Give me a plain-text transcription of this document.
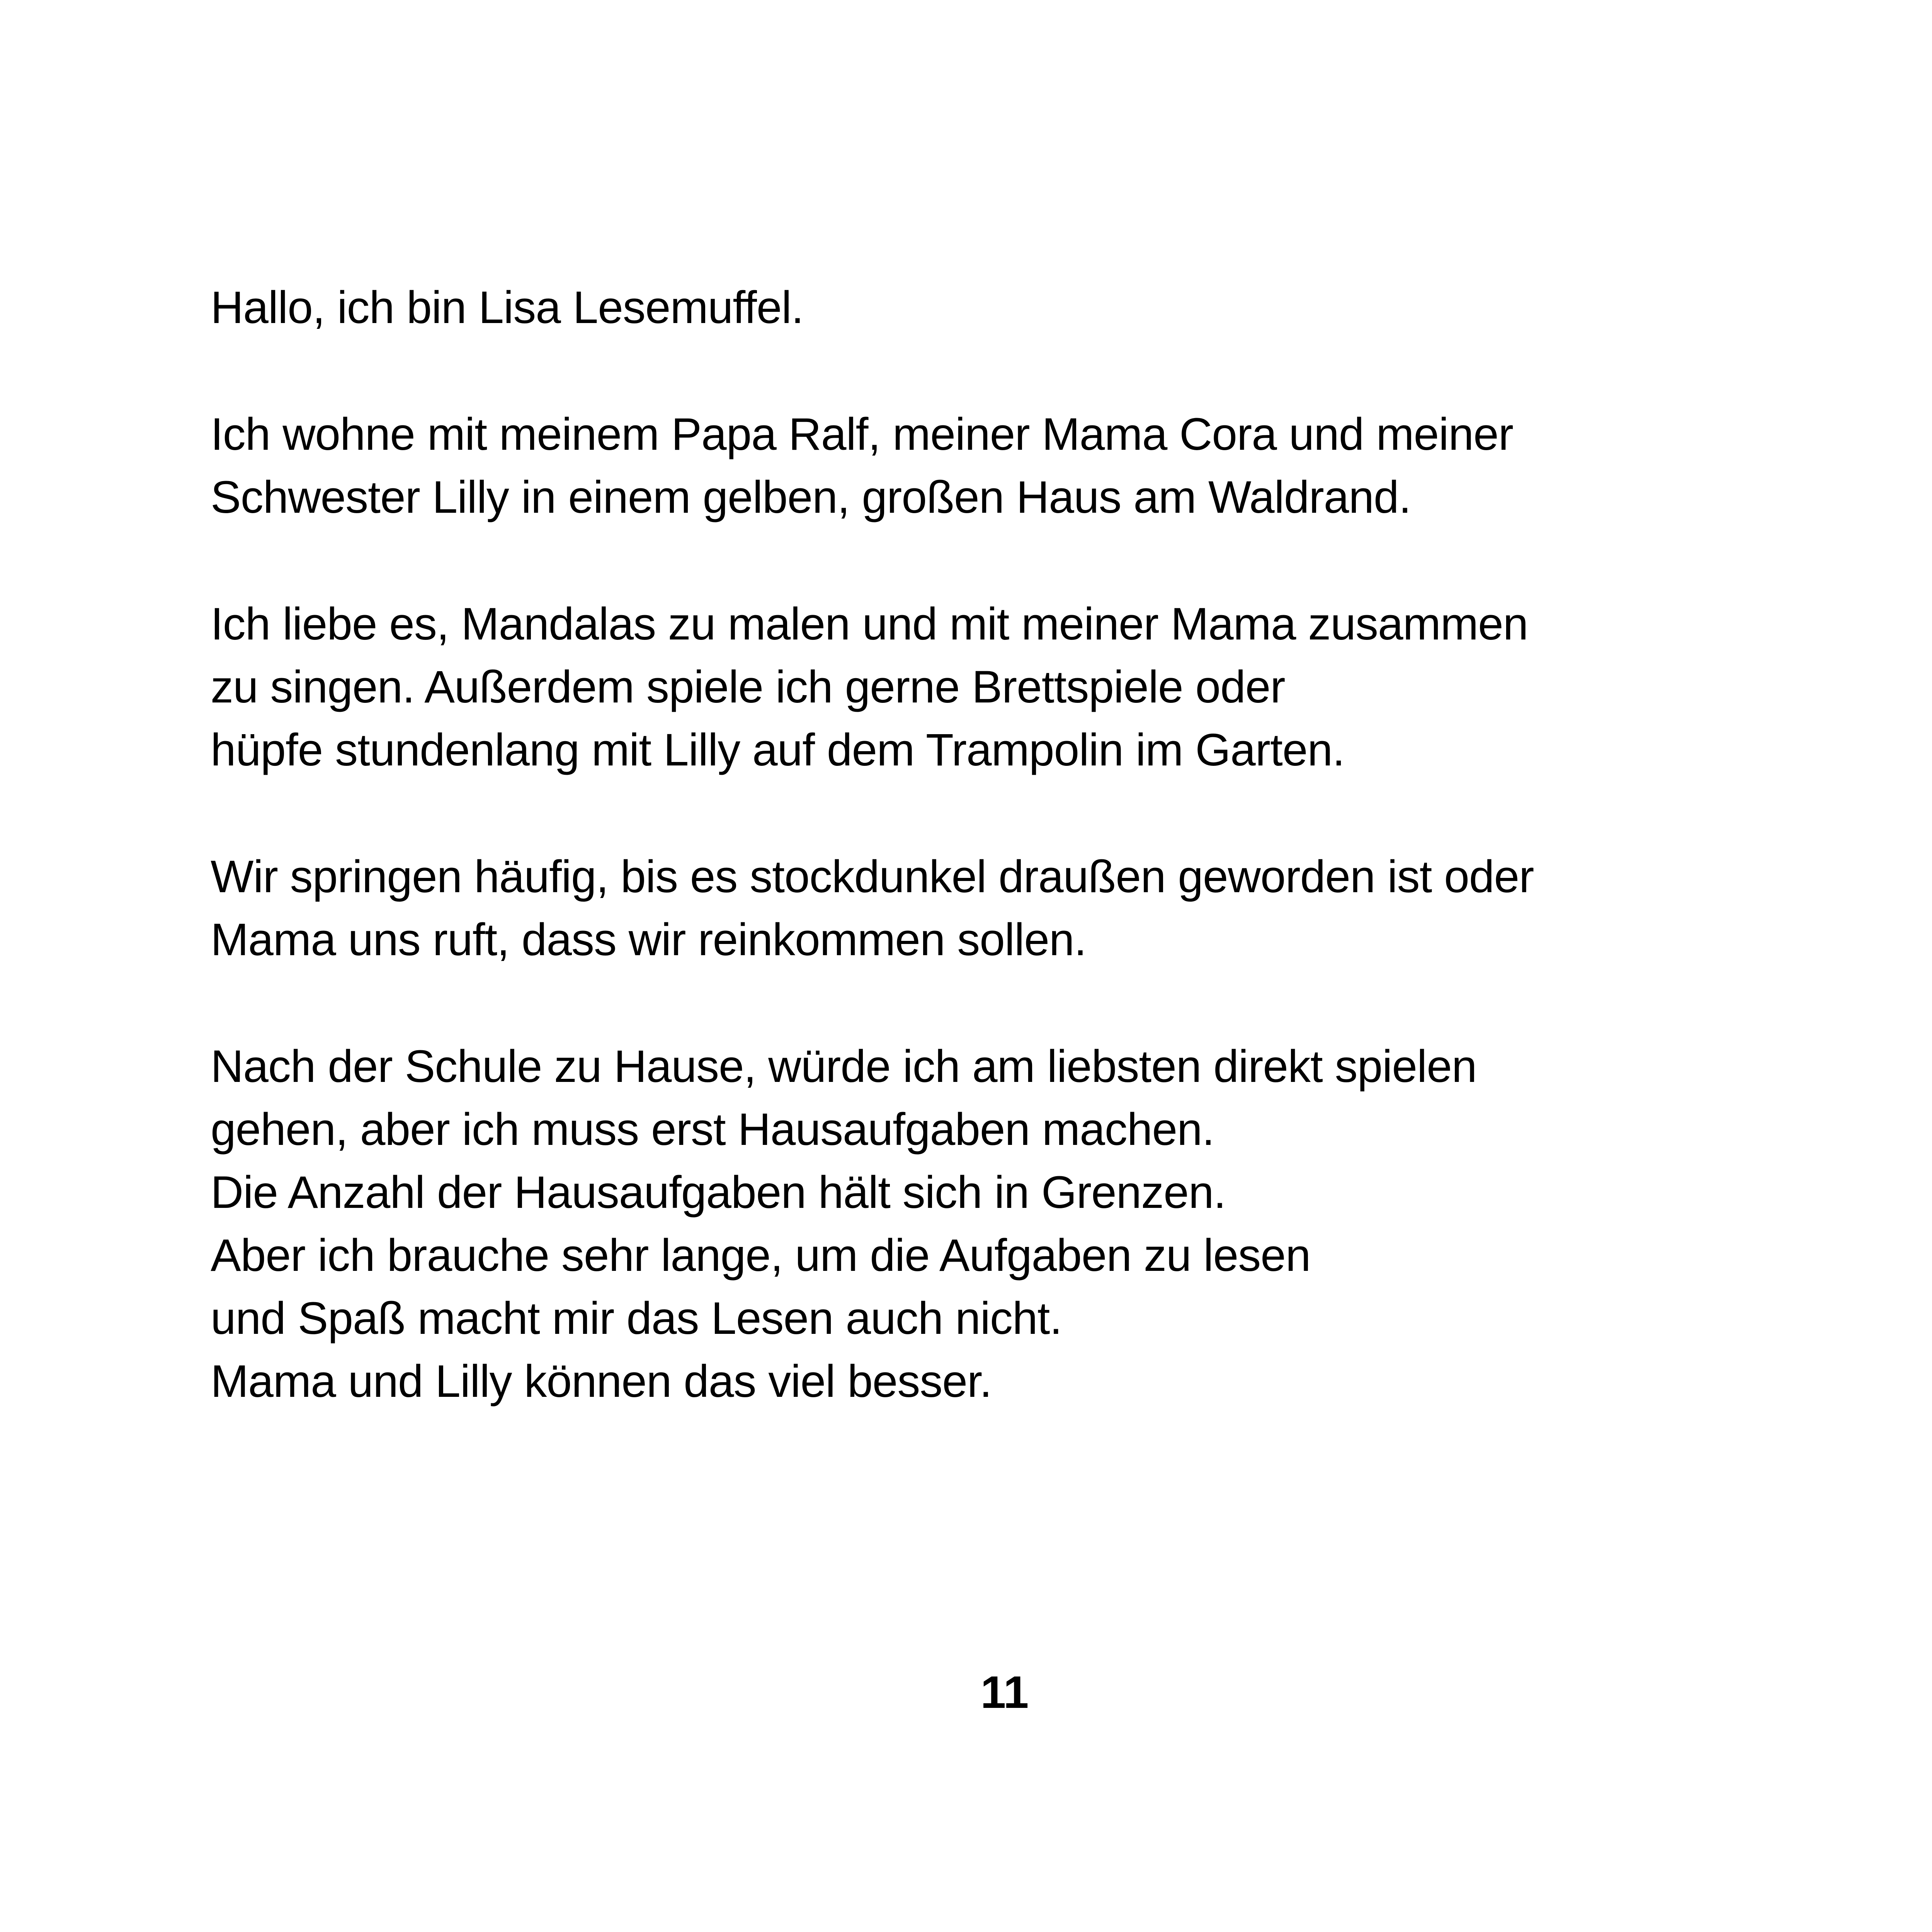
Hallo, ich bin Lisa Lesemuffel.
Ich wohne mit meinem Papa Ralf, meiner Mama Cora und meiner
Schwester Lilly in einem gelben, großen Haus am Waldrand.
Ich liebe es, Mandalas zu malen und mit meiner Mama zusammen
zu singen. Außerdem spiele ich gerne Brettspiele oder
hüpfe stundenlang mit Lilly auf dem Trampolin im Garten.
Wir springen häufig, bis es stockdunkel draußen geworden ist oder
Mama uns ruft, dass wir reinkommen sollen.
Nach der Schule zu Hause, würde ich am liebsten direkt spielen
gehen, aber ich muss erst Hausaufgaben machen.
Die Anzahl der Hausaufgaben hält sich in Grenzen.
Aber ich brauche sehr lange, um die Aufgaben zu lesen
und Spaß macht mir das Lesen auch nicht.
Mama und Lilly können das viel besser.
11
